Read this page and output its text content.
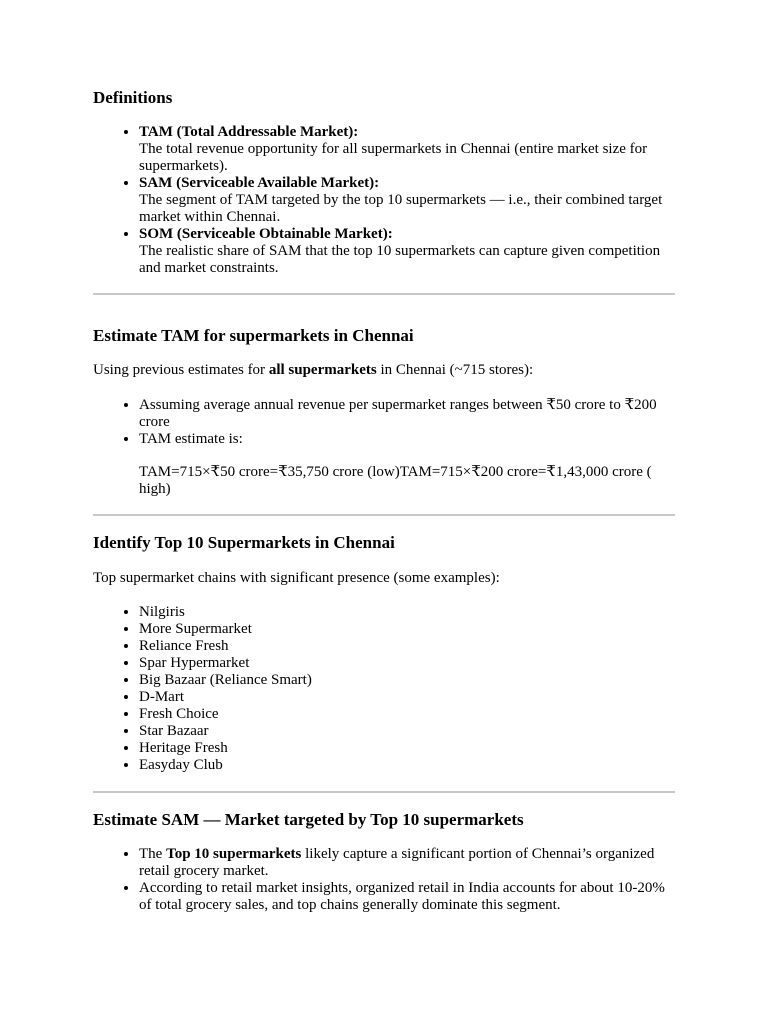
Definitions
• TAM (Total Addressable Market):
The total revenue opportunity for all supermarkets in Chennai (entire market size for supermarkets).
• SAM (Serviceable Available Market):
The segment of TAM targeted by the top 10 supermarkets — i.e., their combined target market within Chennai.
• SOM (Serviceable Obtainable Market):
The realistic share of SAM that the top 10 supermarkets can capture given competition and market constraints.
Estimate TAM for supermarkets in Chennai

Using previous estimates for all supermarkets in Chennai (~715 stores):

• Assuming average annual revenue per supermarket ranges between ₹50 crore to ₹200 crore
• TAM estimate is:
TAM=715×₹50 crore=₹35,750 crore (low)TAM=715×₹200 crore=₹1,43,000 crore ( high)
Identify Top 10 Supermarkets in Chennai

Top supermarket chains with significant presence (some examples):

• Nilgiris
• More Supermarket
• Reliance Fresh
• Spar Hypermarket
• Big Bazaar (Reliance Smart)
• D-Mart
• Fresh Choice
• Star Bazaar
• Heritage Fresh
• Easyday Club
Estimate SAM — Market targeted by Top 10 supermarkets
• The Top 10 supermarkets likely capture a significant portion of Chennai’s organized retail grocery market.
• According to retail market insights, organized retail in India accounts for about 10-20% of total grocery sales, and top chains generally dominate this segment.
